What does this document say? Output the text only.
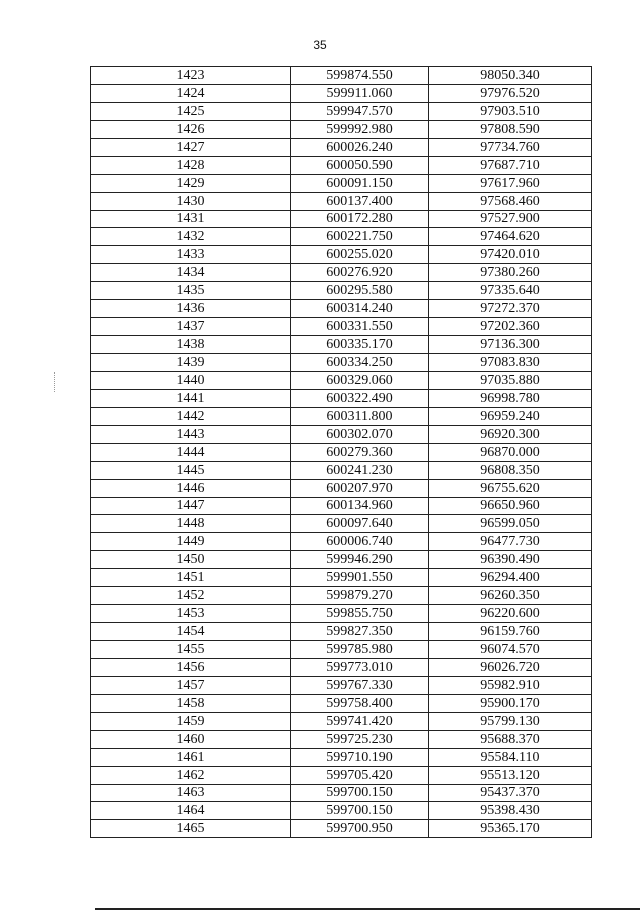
35
1423	599874.550	98050.340
1424	599911.060	97976.520
1425	599947.570	97903.510
1426	599992.980	97808.590
1427	600026.240	97734.760
1428	600050.590	97687.710
1429	600091.150	97617.960
1430	600137.400	97568.460
1431	600172.280	97527.900
1432	600221.750	97464.620
1433	600255.020	97420.010
1434	600276.920	97380.260
1435	600295.580	97335.640
1436	600314.240	97272.370
1437	600331.550	97202.360
1438	600335.170	97136.300
1439	600334.250	97083.830
1440	600329.060	97035.880
1441	600322.490	96998.780
1442	600311.800	96959.240
1443	600302.070	96920.300
1444	600279.360	96870.000
1445	600241.230	96808.350
1446	600207.970	96755.620
1447	600134.960	96650.960
1448	600097.640	96599.050
1449	600006.740	96477.730
1450	599946.290	96390.490
1451	599901.550	96294.400
1452	599879.270	96260.350
1453	599855.750	96220.600
1454	599827.350	96159.760
1455	599785.980	96074.570
1456	599773.010	96026.720
1457	599767.330	95982.910
1458	599758.400	95900.170
1459	599741.420	95799.130
1460	599725.230	95688.370
1461	599710.190	95584.110
1462	599705.420	95513.120
1463	599700.150	95437.370
1464	599700.150	95398.430
1465	599700.950	95365.170
